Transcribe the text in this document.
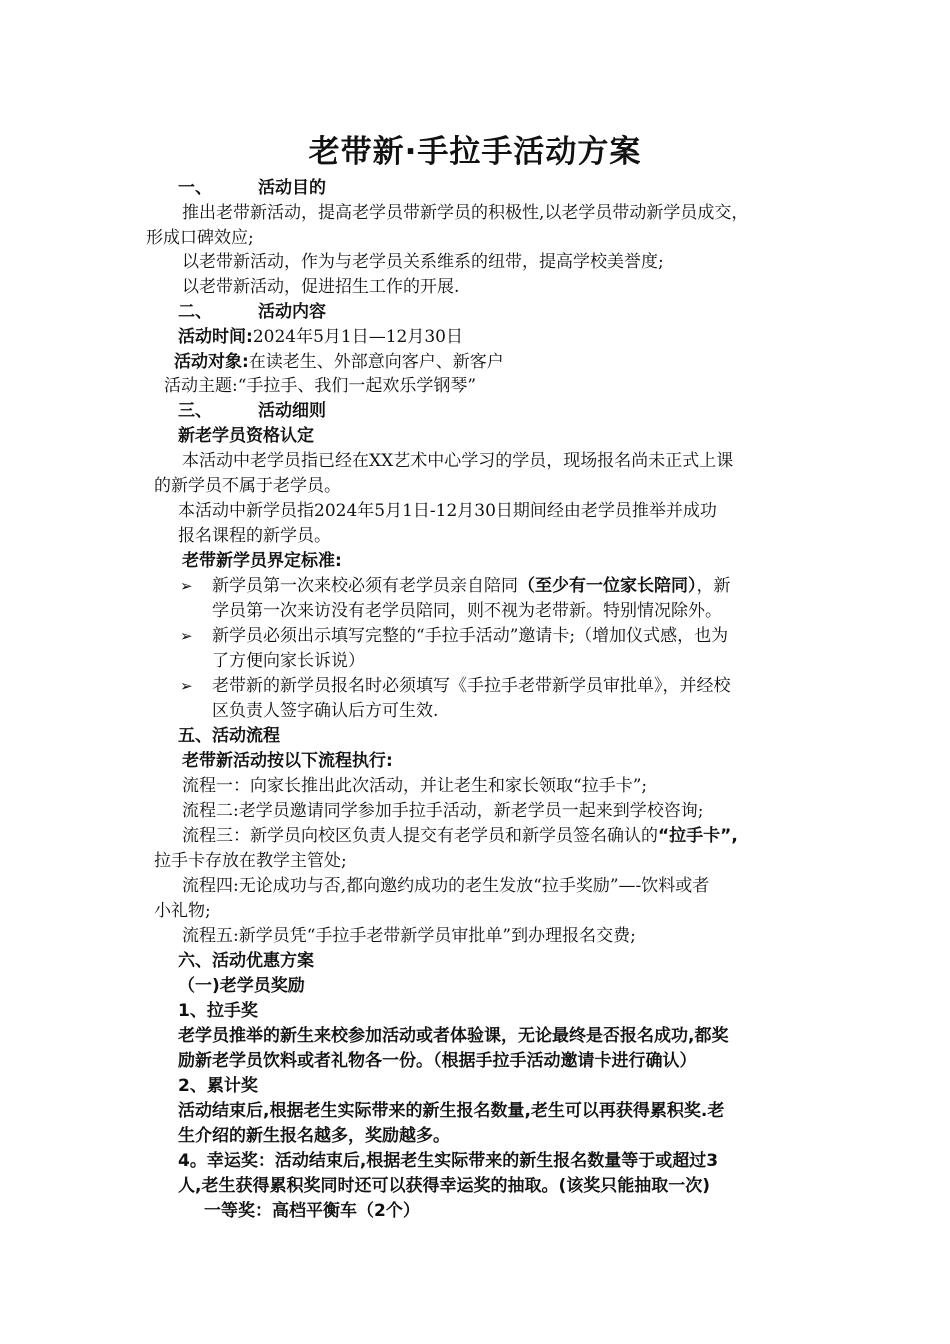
老带新·手拉手活动方案
一、	活动目的
推出老带新活动，提高老学员带新学员的积极性,以老学员带动新学员成交，
形成口碑效应;
以老带新活动，作为与老学员关系维系的纽带，提高学校美誉度;
以老带新活动，促进招生工作的开展.
二、	活动内容
活动时间:2024年5月1日—12月30日
活动对象:在读老生、外部意向客户、新客户
活动主题:“手拉手、我们一起欢乐学钢琴”
三、	活动细则
新老学员资格认定
本活动中老学员指已经在XX艺术中心学习的学员，现场报名尚未正式上课
的新学员不属于老学员。
本活动中新学员指2024年5月1日-12月30日期间经由老学员推举并成功
报名课程的新学员。
老带新学员界定标准:
➢ 新学员第一次来校必须有老学员亲自陪同（至少有一位家长陪同），新
学员第一次来访没有老学员陪同，则不视为老带新。特别情况除外。
➢ 新学员必须出示填写完整的“手拉手活动”邀请卡;（增加仪式感，也为
了方便向家长诉说）
➢ 老带新的新学员报名时必须填写《手拉手老带新学员审批单》，并经校
区负责人签字确认后方可生效.
五、活动流程
老带新活动按以下流程执行:
流程一：向家长推出此次活动，并让老生和家长领取“拉手卡”;
流程二:老学员邀请同学参加手拉手活动，新老学员一起来到学校咨询;
流程三：新学员向校区负责人提交有老学员和新学员签名确认的“拉手卡”,
拉手卡存放在教学主管处;
流程四:无论成功与否,都向邀约成功的老生发放“拉手奖励”—-饮料或者
小礼物;
流程五:新学员凭“手拉手老带新学员审批单”到办理报名交费;
六、活动优惠方案
（一)老学员奖励
1、拉手奖
老学员推举的新生来校参加活动或者体验课，无论最终是否报名成功,都奖
励新老学员饮料或者礼物各一份。（根据手拉手活动邀请卡进行确认）
2、累计奖
活动结束后,根据老生实际带来的新生报名数量,老生可以再获得累积奖.老
生介绍的新生报名越多，奖励越多。
4。幸运奖：活动结束后,根据老生实际带来的新生报名数量等于或超过3
人,老生获得累积奖同时还可以获得幸运奖的抽取。(该奖只能抽取一次)
一等奖：高档平衡车（2个）
